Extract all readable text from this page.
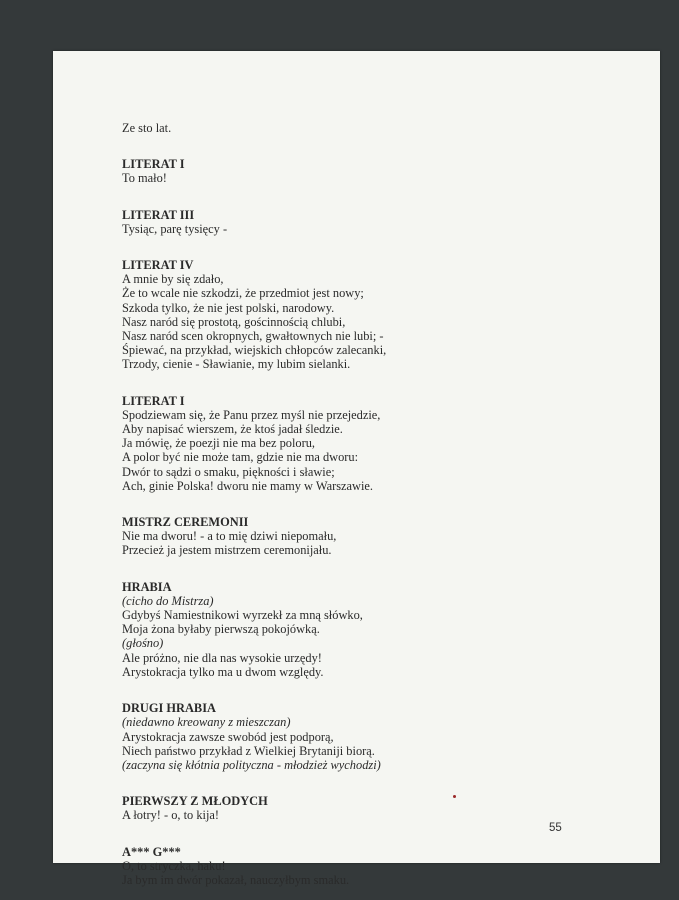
Ze sto lat.
LITERAT I
To mało!
LITERAT III
Tysiąc, parę tysięcy -
LITERAT IV
A mnie by się zdało,
Że to wcale nie szkodzi, że przedmiot jest nowy;
Szkoda tylko, że nie jest polski, narodowy.
Nasz naród się prostotą, gościnnością chlubi,
Nasz naród scen okropnych, gwałtownych nie lubi; -
Śpiewać, na przykład, wiejskich chłopców zalecanki,
Trzody, cienie - Sławianie, my lubim sielanki.
LITERAT I
Spodziewam się, że Panu przez myśl nie przejedzie,
Aby napisać wierszem, że ktoś jadał śledzie.
Ja mówię, że poezji nie ma bez poloru,
A polor być nie może tam, gdzie nie ma dworu:
Dwór to sądzi o smaku, piękności i sławie;
Ach, ginie Polska! dworu nie mamy w Warszawie.
MISTRZ CEREMONII
Nie ma dworu! - a to mię dziwi niepomału,
Przecież ja jestem mistrzem ceremonijału.
HRABIA
(cicho do Mistrza)
Gdybyś Namiestnikowi wyrzekł za mną słówko,
Moja żona byłaby pierwszą pokojówką.
(głośno)
Ale próżno, nie dla nas wysokie urzędy!
Arystokracja tylko ma u dwom względy.
DRUGI HRABIA
(niedawno kreowany z mieszczan)
Arystokracja zawsze swobód jest podporą,
Niech państwo przykład z Wielkiej Brytaniji biorą.
(zaczyna się kłótnia polityczna - młodzież wychodzi)
PIERWSZY Z MŁODYCH
A łotry! - o, to kija!
A*** G***
O, to stryczka, haku!
Ja bym im dwór pokazał, nauczyłbym smaku.
55
